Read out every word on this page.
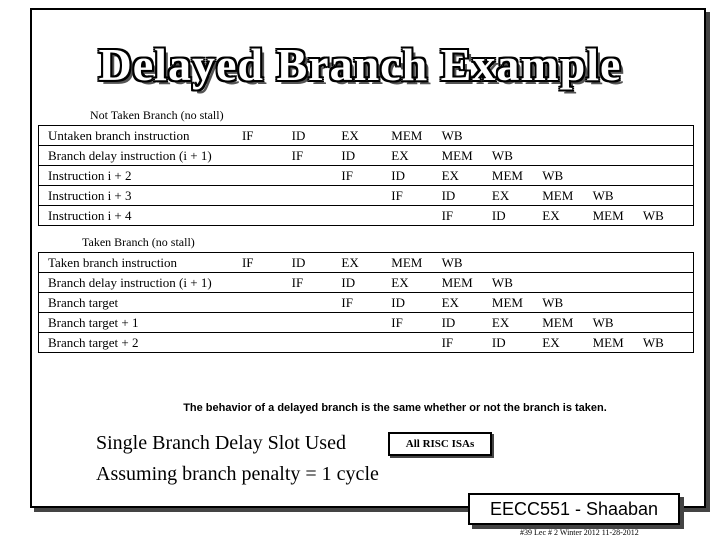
Delayed Branch Example
Not Taken Branch (no stall)
Untaken branch instruction	IF	ID	EX	MEM	WB				
Branch delay instruction (i + 1)		IF	ID	EX	MEM	WB			
Instruction i + 2			IF	ID	EX	MEM	WB		
Instruction i + 3				IF	ID	EX	MEM	WB	
Instruction i + 4					IF	ID	EX	MEM	WB
Taken Branch (no stall)
Taken branch instruction	IF	ID	EX	MEM	WB				
Branch delay instruction (i + 1)		IF	ID	EX	MEM	WB			
Branch target			IF	ID	EX	MEM	WB		
Branch target + 1				IF	ID	EX	MEM	WB	
Branch target + 2					IF	ID	EX	MEM	WB
The behavior of a delayed branch is the same whether or not the branch is taken.
Single Branch Delay Slot Used	All RISC ISAs
Assuming branch penalty = 1 cycle
EECC551 - Shaaban
#39 Lec # 2 Winter 2012 11-28-2012
